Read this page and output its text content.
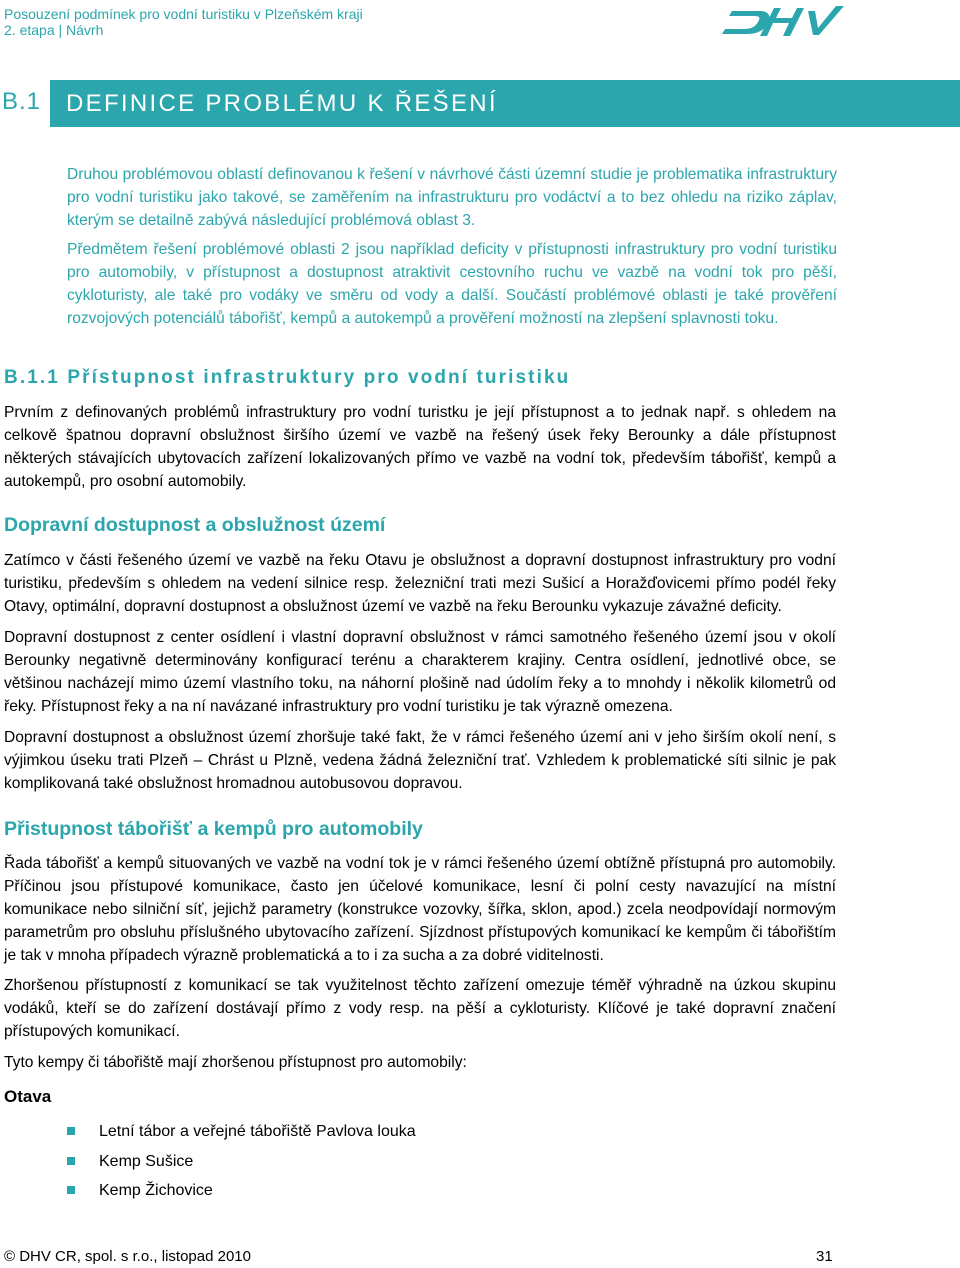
Posouzení podmínek pro vodní turistiku v Plzeňském kraji
2. etapa | Návrh
B.1 DEFINICE PROBLÉMU K ŘEŠENÍ

Druhou problémovou oblastí definovanou k řešení v návrhové části územní studie je problematika infrastruktury pro vodní turistiku jako takové, se zaměřením na infrastrukturu pro vodáctví a to bez ohledu na riziko záplav, kterým se detailně zabývá následující problémová oblast 3.

Předmětem řešení problémové oblasti 2 jsou například deficity v přístupnosti infrastruktury pro vodní turistiku pro automobily, v přístupnost a dostupnost atraktivit cestovního ruchu ve vazbě na vodní tok pro pěší, cykloturisty, ale také pro vodáky ve směru od vody a další. Součástí problémové oblasti je také prověření rozvojových potenciálů tábořišť, kempů a autokempů a prověření možností na zlepšení splavnosti toku.

B.1.1 Přístupnost infrastruktury pro vodní turistiku

Prvním z definovaných problémů infrastruktury pro vodní turistku je její přístupnost a to jednak např. s ohledem na celkově špatnou dopravní obslužnost širšího území ve vazbě na řešený úsek řeky Berounky a dále přístupnost některých stávajících ubytovacích zařízení lokalizovaných přímo ve vazbě na vodní tok, především tábořišť, kempů a autokempů, pro osobní automobily.

Dopravní dostupnost a obslužnost území

Zatímco v části řešeného území ve vazbě na řeku Otavu je obslužnost a dopravní dostupnost infrastruktury pro vodní turistiku, především s ohledem na vedení silnice resp. železniční trati mezi Sušicí a Horažďovicemi přímo podél řeky Otavy, optimální, dopravní dostupnost a obslužnost území ve vazbě na řeku Berounku vykazuje závažné deficity.

Dopravní dostupnost z center osídlení i vlastní dopravní obslužnost v rámci samotného řešeného území jsou v okolí Berounky negativně determinovány konfigurací terénu a charakterem krajiny. Centra osídlení, jednotlivé obce, se většinou nacházejí mimo území vlastního toku, na náhorní plošině nad údolím řeky a to mnohdy i několik kilometrů od řeky. Přístupnost řeky a na ní navázané infrastruktury pro vodní turistiku je tak výrazně omezena.

Dopravní dostupnost a obslužnost území zhoršuje také fakt, že v rámci řešeného území ani v jeho širším okolí není, s výjimkou úseku trati Plzeň – Chrást u Plzně, vedena žádná železniční trať. Vzhledem k problematické síti silnic je pak komplikovaná také obslužnost hromadnou autobusovou dopravou.

Přistupnost tábořišť a kempů pro automobily

Řada tábořišť a kempů situovaných ve vazbě na vodní tok je v rámci řešeného území obtížně přístupná pro automobily. Příčinou jsou přístupové komunikace, často jen účelové komunikace, lesní či polní cesty navazující na místní komunikace nebo silniční síť, jejichž parametry (konstrukce vozovky, šířka, sklon, apod.) zcela neodpovídají normovým parametrům pro obsluhu příslušného ubytovacího zařízení. Sjízdnost přístupových komunikací ke kempům či tábořištím je tak v mnoha případech výrazně problematická a to i za sucha a za dobré viditelnosti.

Zhoršenou přístupností z komunikací se tak využitelnost těchto zařízení omezuje téměř výhradně na úzkou skupinu vodáků, kteří se do zařízení dostávají přímo z vody resp. na pěší a cykloturisty. Klíčové je také dopravní značení přístupových komunikací.

Tyto kempy či tábořiště mají zhoršenou přístupnost pro automobily:

Otava
Letní tábor a veřejné tábořiště Pavlova louka
Kemp Sušice
Kemp Žichovice
© DHV CR, spol. s r.o., listopad 2010	31
